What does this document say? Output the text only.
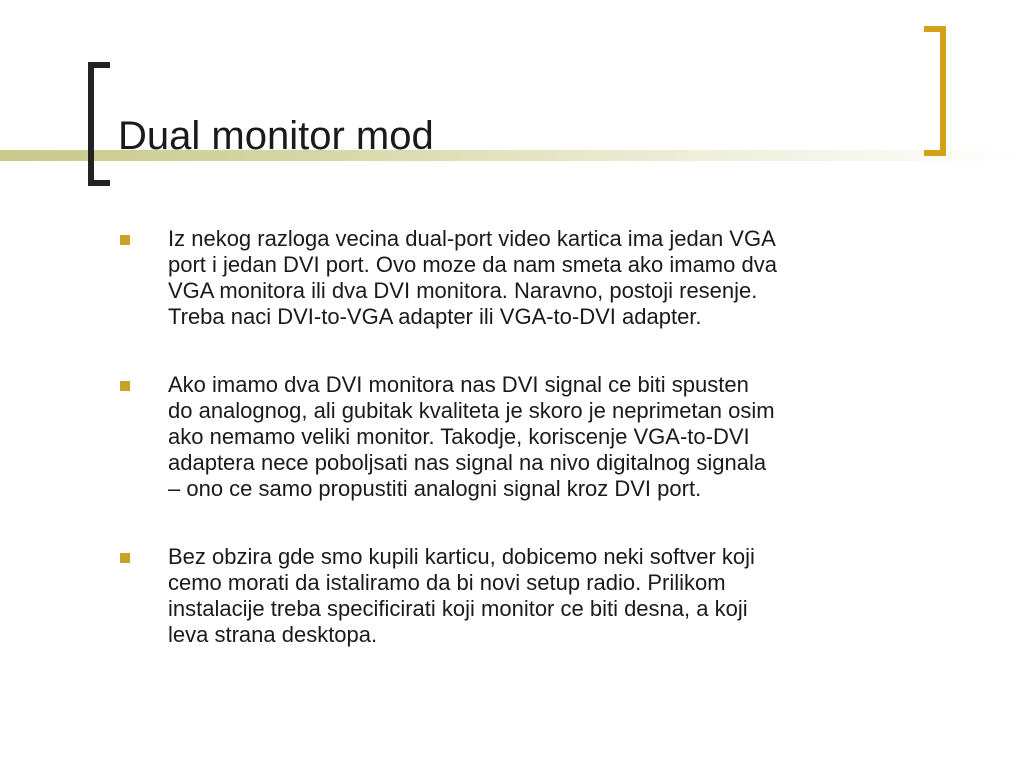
Dual monitor mod
Iz nekog razloga vecina dual-port video kartica ima jedan VGA
port i jedan DVI port. Ovo moze da nam smeta ako imamo dva
VGA monitora ili dva DVI monitora. Naravno, postoji resenje.
Treba naci DVI-to-VGA adapter ili VGA-to-DVI adapter.
Ako imamo dva DVI monitora nas DVI signal ce biti spusten
do analognog, ali gubitak kvaliteta je skoro je neprimetan osim
ako nemamo veliki monitor. Takodje, koriscenje VGA-to-DVI
adaptera nece poboljsati nas signal na nivo digitalnog signala
– ono ce samo propustiti analogni signal kroz DVI port.
Bez obzira gde smo kupili karticu, dobicemo neki softver koji
cemo morati da istaliramo da bi novi setup radio. Prilikom
instalacije treba specificirati koji monitor ce biti desna, a koji
leva strana desktopa.
